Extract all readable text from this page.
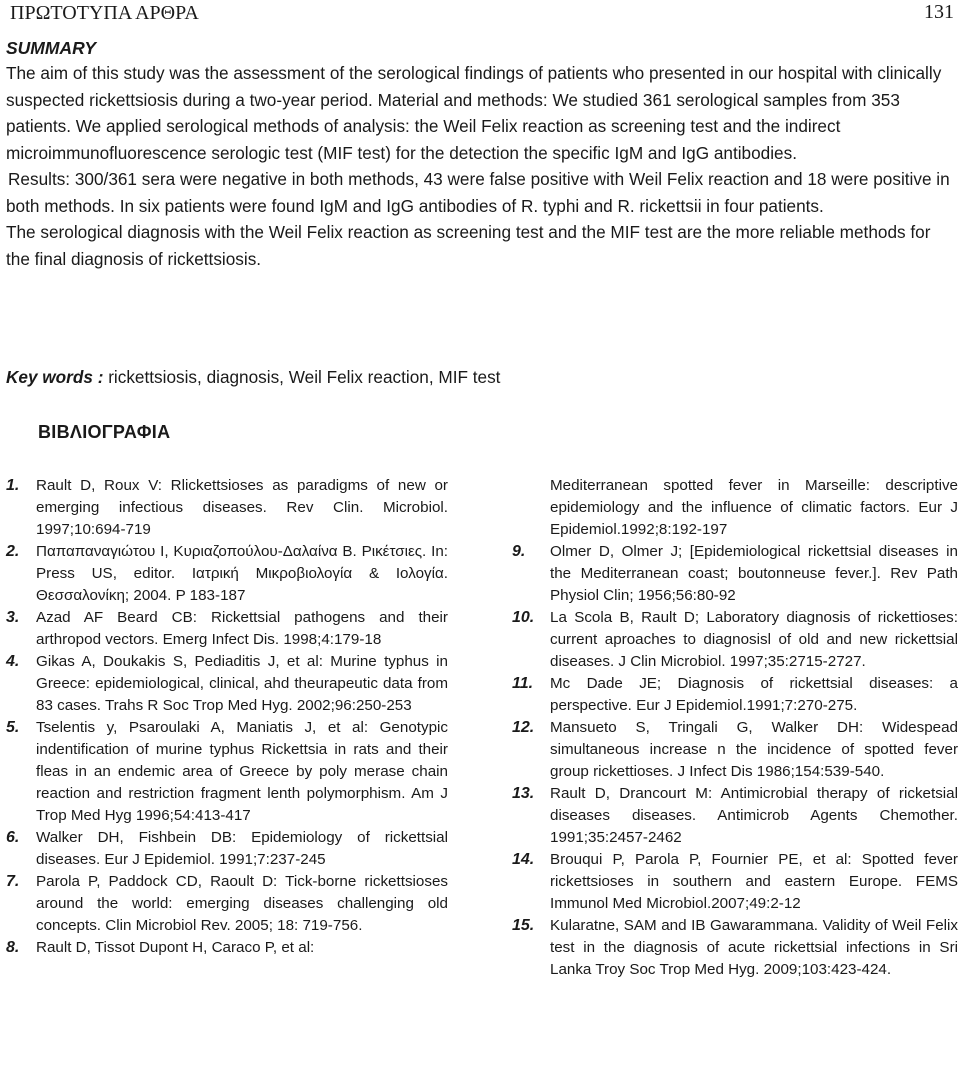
ΠΡΩΤΟΤΥΠΑ ΑΡΘΡΑ	131
SUMMARY

The aim of this study was the assessment of the serological findings of patients who presented in our hospital with clinically suspected rickettsiosis during a two-year period. Material and methods: We studied 361 serological samples from 353 patients. We applied serological methods of analysis: the Weil Felix reaction as screening test and the indirect microimmunofluorescence serologic test (MIF test) for the detection the specific IgM and IgG antibodies.

Results: 300/361 sera were negative in both methods, 43 were false positive with Weil Felix reaction and 18 were positive in both methods. In six patients were found IgM and IgG antibodies of R. typhi and R. rickettsii in four patients.

The serological diagnosis with the Weil Felix reaction as screening test and the MIF test are the more reliable methods for the final diagnosis of rickettsiosis.

Key words : rickettsiosis, diagnosis, Weil Felix reaction, MIF test
ΒΙΒΛΙΟΓΡΑΦΙΑ

1. Rault D, Roux V: Rlickettsioses as paradigms of new or emerging infectious diseases. Rev Clin. Microbiol. 1997;10:694-719

2. Παπαπαναγιώτου Ι, Κυριαζοπούλου-Δαλαίνα Β. Ρικέτσιες. In: Press US, editor. Ιατρική Μικροβιολογία & Ιολογία. Θεσσαλονίκη; 2004. P 183-187

3. Azad AF Beard CB: Rickettsial pathogens and their arthropod vectors. Emerg Infect Dis. 1998;4:179-18

4. Gikas A, Doukakis S, Pediaditis J, et al: Murine typhus in Greece: epidemiological, clinical, ahd theurapeutic data from 83 cases. Trahs R Soc Trop Med Hyg. 2002;96:250-253

5. Tselentis y, Psaroulaki A, Maniatis J, et al: Genotypic indentification of murine typhus Rickettsia in rats and their fleas in an endemic area of Greece by poly merase chain reaction and restriction fragment lenth polymorphism. Am J Trop Med Hyg 1996;54:413-417

6. Walker DH, Fishbein DB: Epidemiology of rickettsial diseases. Eur J Epidemiol. 1991;7:237-245

7. Parola P, Paddock CD, Raoult D: Tick-borne rickettsioses around the world: emerging diseases challenging old concepts. Clin Microbiol Rev. 2005; 18: 719-756.

8. Rault D, Tissot Dupont H, Caraco P, et al:

Mediterranean spotted fever in Marseille: descriptive epidemiology and the influence of climatic factors. Eur J Epidemiol.1992;8:192-197

9. Olmer D, Olmer J; [Epidemiological rickettsial diseases in the Mediterranean coast; boutonneuse fever.]. Rev Path Physiol Clin; 1956;56:80-92

10. La Scola B, Rault D; Laboratory diagnosis of rickettioses: current aproaches to diagnosisl of old and new rickettsial diseases. J Clin Microbiol. 1997;35:2715-2727.

11. Mc Dade JE; Diagnosis of rickettsial diseases: a perspective. Eur J Epidemiol.1991;7:270-275.

12. Mansueto S, Tringali G, Walker DH: Widespead simultaneous increase n the incidence of spotted fever group rickettioses. J Infect Dis 1986;154:539-540.

13. Rault D, Drancourt M: Antimicrobial therapy of ricketsial diseases diseases. Antimicrob Agents Chemother. 1991;35:2457-2462

14. Brouqui P, Parola P, Fournier PE, et al: Spotted fever rickettsioses in southern and eastern Europe. FEMS Immunol Med Microbiol.2007;49:2-12

15. Kularatne, SAM and IB Gawarammana. Validity of Weil Felix test in the diagnosis of acute rickettsial infections in Sri Lanka Troy Soc Trop Med Hyg. 2009;103:423-424.
